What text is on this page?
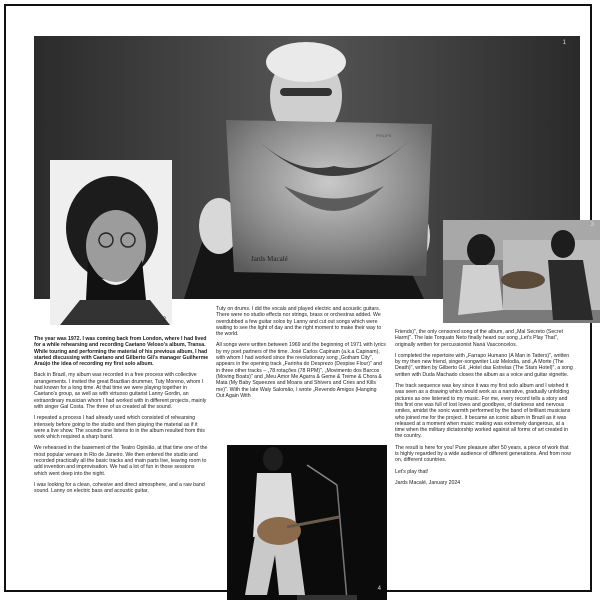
1
Jards Macalé
PHILIPS
2
3
4

The year was 1972. I was coming back from London, where I had lived for a while rehearsing and recording Caetano Veloso's album, Transa. While touring and performing the material of his previous album, I had started discussing with Caetano and Gilberto Gil's manager Guilherme Araújo the idea of recording my first solo album.

Back in Brazil, my album was recorded in a free process with collective arrangements. I invited the great Brazilian drummer, Tuty Moreno, whom I had known for a long time. At that time we were playing together in Caetano's group, as well as with virtuoso guitarist Lanny Gordin, an extraordinary musician whom I had worked with in different projects, mainly with singer Gal Costa. The three of us created all the sound.

I repeated a process I had already used which consisted of rehearsing intensely before going to the studio and then playing the material as if it were a live show. The sounds one listens to in the album resulted from this work which required a sharp band.

We rehearsed in the basement of the Teatro Opinião, at that time one of the most popular venues in Rio de Janeiro. We then entered the studio and recorded practically all the basic tracks and main parts live, leaving room to add invention and improvisation. We had a lot of fun in those sessions which went deep into the night.

I was looking for a clean, cohesive and direct atmosphere, and a raw band sound. Lanny on electric bass and acoustic guitar,

Tuty on drums. I did the vocals and played electric and acoustic guitars. There were no studio effects nor strings, brass or orchestras added. We overdubbed a few guitar solos by Lanny and cut out songs which were waiting to see the light of day and the right moment to make their way to the world.

All songs were written between 1969 and the beginning of 1971 with lyrics by my poet partners of the time. José Carlos Capinam (a.k.a Capinam), with whom I had worked since the revolutionary song „Gotham City", appears in the opening track „Farinha do Desprezo (Despise Flour)" and in three other tracks – „78 rotações (78 RPM)", „Movimento dos Barcos (Moving Boats)" and „Meu Amor Me Agarra & Geme & Treme & Chora & Mata (My Baby Squeezes and Moans and Shivers and Cries and Kills me)". With the late Waly Salomão, I wrote „Revendo Amigos (Hanging Out Again With

Friends)", the only censored song of the album, and „Mal Secreto (Secret Harm)". The late Torquato Neto finally heard our song „Let's Play That", originally written for percussionist Naná Vasconcelos.

I completed the repertoire with „Farrapo Humano (A Man in Tatters)", written by my then new friend, singer-songwriter Luiz Melodia, and „A Morte (The Death)", written by Gilberto Gil. „Hotel das Estrelas (The Stars Hotel)", a song written with Duda Machado closes the album as a voice and guitar vignette.

The track sequence was key since it was my first solo album and I wished it was seen as a drawing which would work as a narrative, gradually unfolding pictures as one listened to my music. For me, every record tells a story and this first one was full of lost loves and goodbyes, of darkness and nervous smiles, amidst the sonic warmth performed by the band of brilliant musicians who joined me for the project. It became an iconic album in Brazil as it was released at a moment when music making was extremely dangerous, at a time when the military dictatorship worked against all forms of art created in the country.

The result is here for you! Pure pleasure after 50 years, a piece of work that is highly regarded by a wide audience of different generations. And from now on, different countries.

Let's play that!

Jards Macalé, January 2024
